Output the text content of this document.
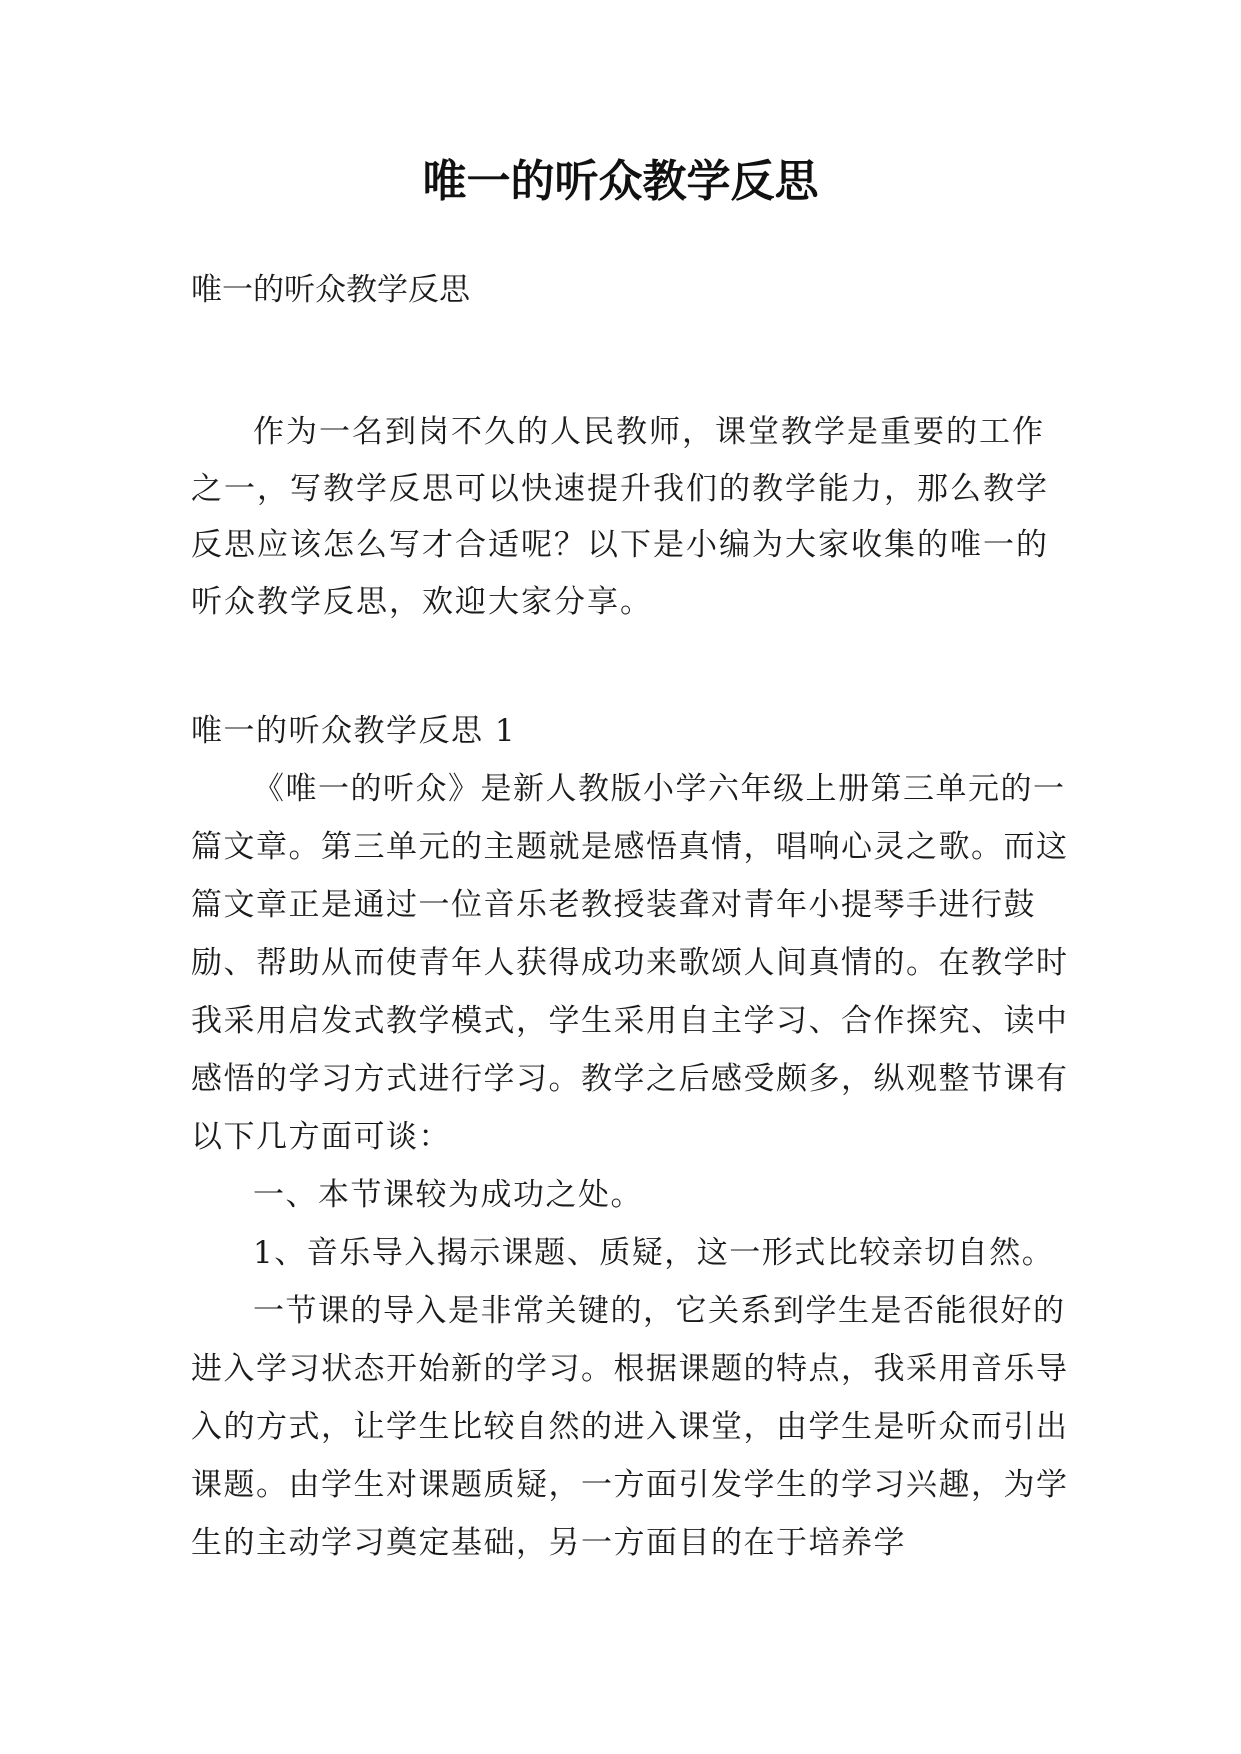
唯一的听众教学反思

唯一的听众教学反思

作为一名到岗不久的人民教师，课堂教学是重要的工作之一，写教学反思可以快速提升我们的教学能力，那么教学反思应该怎么写才合适呢？以下是小编为大家收集的唯一的听众教学反思，欢迎大家分享。

唯一的听众教学反思 1

《唯一的听众》是新人教版小学六年级上册第三单元的一篇文章。第三单元的主题就是感悟真情，唱响心灵之歌。而这篇文章正是通过一位音乐老教授装聋对青年小提琴手进行鼓励、帮助从而使青年人获得成功来歌颂人间真情的。在教学时我采用启发式教学模式，学生采用自主学习、合作探究、读中感悟的学习方式进行学习。教学之后感受颇多，纵观整节课有以下几方面可谈：

一、本节课较为成功之处。

1、音乐导入揭示课题、质疑，这一形式比较亲切自然。

一节课的导入是非常关键的，它关系到学生是否能很好的进入学习状态开始新的学习。根据课题的特点，我采用音乐导入的方式，让学生比较自然的进入课堂，由学生是听众而引出课题。由学生对课题质疑，一方面引发学生的学习兴趣，为学生的主动学习奠定基础，另一方面目的在于培养学
